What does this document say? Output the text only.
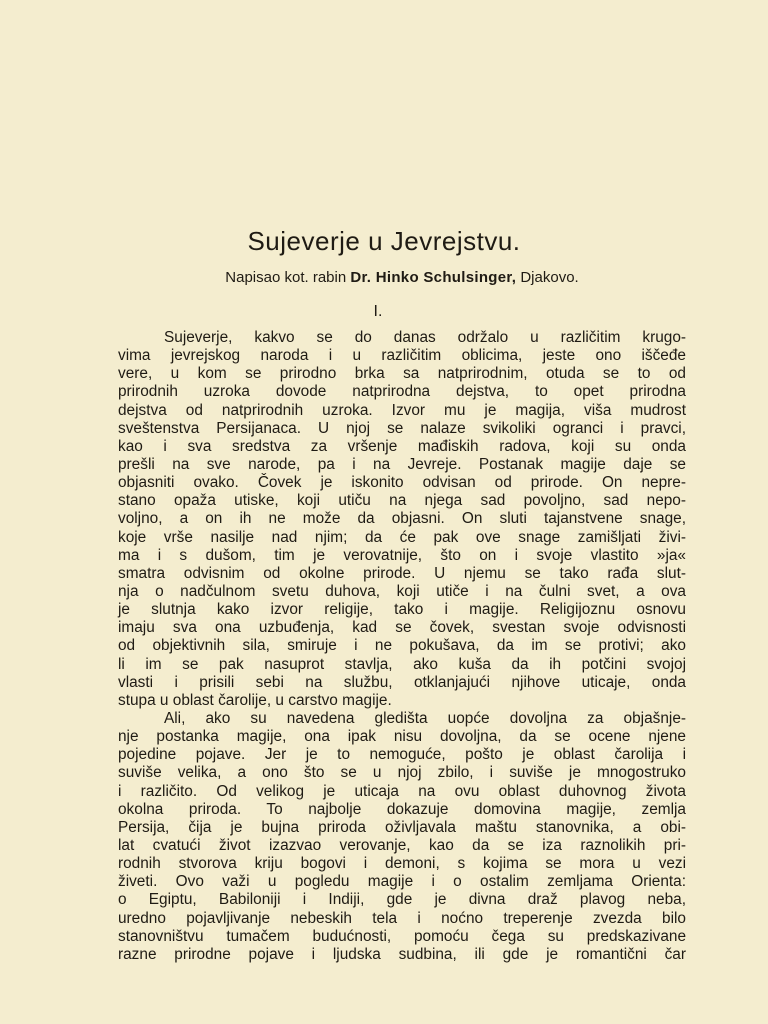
Sujeverje u Jevrejstvu.
Napisao kot. rabin Dr. Hinko Schulsinger, Djakovo.
I.
Sujeverje, kakvo se do danas održalo u različitim krugo-
vima jevrejskog naroda i u različitim oblicima, jeste ono iščeđe
vere, u kom se prirodno brka sa natprirodnim, otuda se to od
prirodnih uzroka dovode natprirodna dejstva, to opet prirodna
dejstva od natprirodnih uzroka. Izvor mu je magija, viša mudrost
sveštenstva Persijanaca. U njoj se nalaze svikoliki ogranci i pravci,
kao i sva sredstva za vršenje mađiskih radova, koji su onda
prešli na sve narode, pa i na Jevreje. Postanak magije daje se
objasniti ovako. Čovek je iskonito odvisan od prirode. On nepre-
stano opaža utiske, koji utiču na njega sad povoljno, sad nepo-
voljno, a on ih ne može da objasni. On sluti tajanstvene snage,
koje vrše nasilje nad njim; da će pak ove snage zamišljati živi-
ma i s dušom, tim je verovatnije, što on i svoje vlastito »ja«
smatra odvisnim od okolne prirode. U njemu se tako rađa slut-
nja o nadčulnom svetu duhova, koji utiče i na čulni svet, a ova
je slutnja kako izvor religije, tako i magije. Religijoznu osnovu
imaju sva ona uzbuđenja, kad se čovek, svestan svoje odvisnosti
od objektivnih sila, smiruje i ne pokušava, da im se protivi; ako
li im se pak nasuprot stavlja, ako kuša da ih potčini svojoj
vlasti i prisili sebi na službu, otklanjajući njihove uticaje, onda
stupa u oblast čarolije, u carstvo magije.
Ali, ako su navedena gledišta uopće dovoljna za objašnje-
nje postanka magije, ona ipak nisu dovoljna, da se ocene njene
pojedine pojave. Jer je to nemoguće, pošto je oblast čarolija i
suviše velika, a ono što se u njoj zbilo, i suviše je mnogostruko
i različito. Od velikog je uticaja na ovu oblast duhovnog života
okolna priroda. To najbolje dokazuje domovina magije, zemlja
Persija, čija je bujna priroda oživljavala maštu stanovnika, a obi-
lat cvatući život izazvao verovanje, kao da se iza raznolikih pri-
rodnih stvorova kriju bogovi i demoni, s kojima se mora u vezi
živeti. Ovo važi u pogledu magije i o ostalim zemljama Orienta:
o Egiptu, Babiloniji i Indiji, gde je divna draž plavog neba,
uredno pojavljivanje nebeskih tela i noćno treperenje zvezda bilo
stanovništvu tumačem budućnosti, pomoću čega su predskazivane
razne prirodne pojave i ljudska sudbina, ili gde je romantični čar
